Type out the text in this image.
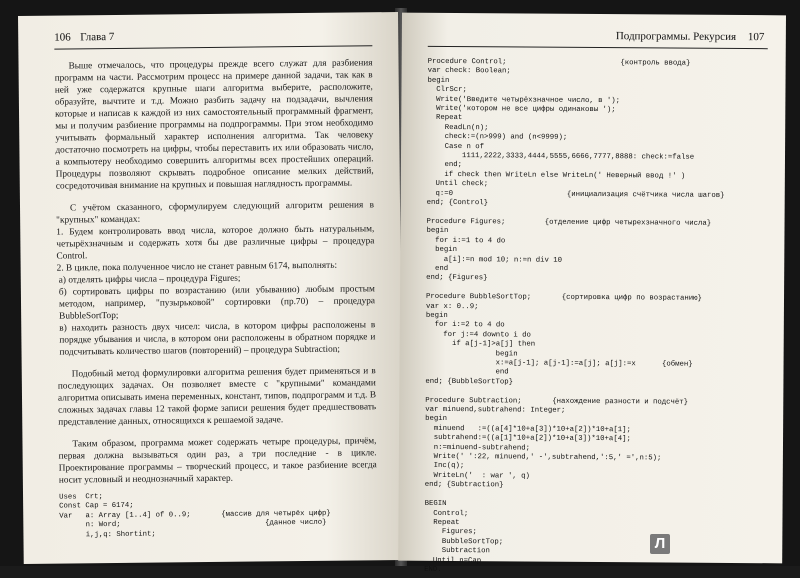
106 Глава 7

Выше отмечалось, что процедуры прежде всего служат для разбиения программ на части. Рассмотрим процесс на примере данной задачи, так как в ней уже содержатся крупные шаги алгоритма выберите, расположите, образуйте, вычтите и т.д. Можно разбить задачу на подзадачи, вычления которые и написав к каждой из них самостоятельный программный фрагмент, мы и получим разбиение программы на подпрограммы. При этом необходимо учитывать формальный характер исполнения алгоритма. Так человеку достаточно посмотреть на цифры, чтобы переставить их или образовать число, а компьютеру необходимо совершить алгоритмы всех простейших операций. Процедуры позволяют скрывать подробное описание мелких действий, сосредоточивая внимание на крупных и повышая наглядность программы.

С учётом сказанного, сформулируем следующий алгоритм решения в "крупных" командах:

1. Будем контролировать ввод числа, которое должно быть натуральным, четырёхзначным и содержать хотя бы две различные цифры – процедура Control.

2. В цикле, пока полученное число не станет равным 6174, выполнять:

а) отделять цифры числа – процедура Figures;

б) сортировать цифры по возрастанию (или убыванию) любым простым методом, например, "пузырьковой" сортировки (пр.70) – процедура BubbleSortTop;

в) находить разность двух чисел: числа, в котором цифры расположены в порядке убывания и числа, в котором они расположены в обратном порядке и подсчитывать количество шагов (повторений) – процедура Subtraction;

Подобный метод формулировки алгоритма решения будет применяться и в последующих задачах. Он позволяет вместе с "крупными" командами алгоритма описывать имена переменных, констант, типов, подпрограмм и т.д. В сложных задачах главы 12 такой форме записи решения будет предшествовать представление данных, относящихся к решаемой задаче.

Таким образом, программа может содержать четыре процедуры, причём, первая должна вызываться один раз, а три последние - в цикле. Проектирование программы – творческий процесс, и такое разбиение всегда носит условный и неоднозначный характер.

Uses  Crt;
Const Cap = 6174;
Var   a: Array [1..4] of 0..9;       {массив для четырёх цифр}
n: Word;                                 {данное число}
i,j,q: Shortint;
Подпрограммы. Рекурсия 107
Procedure Control;                          {контроль ввода}
var check: Boolean;
begin
ClrScr;
Write('Введите четырёхзначное число, в ');
Write('котором не все цифры одинаковы ');
Repeat
ReadLn(n);
check:=(n>999) and (n<9999);
Case n of
1111,2222,3333,4444,5555,6666,7777,8888: check:=false
end;
if check then WriteLn else WriteLn(' Неверный ввод !' )
Until check;
q:=0                          {инициализация счётчика числа шагов}
end; {Control}

Procedure Figures;         {отделение цифр четырехзначного числа}
begin
for i:=1 to 4 do
begin
a[i]:=n mod 10; n:=n div 10
end
end; {Figures}

Procedure BubbleSortTop;       {сортировка цифр по возрастанию}
var x: 0..9;
begin
for i:=2 to 4 do
for j:=4 downto i do
if a[j-1]>a[j] then
begin
x:=a[j-1]; a[j-1]:=a[j]; a[j]:=x      {обмен}
end
end; {BubbleSortTop}

Procedure Subtraction;       {нахождение разности и подсчёт}
var minuend,subtrahend: Integer;
begin
minuend   :=((a[4]*10+a[3])*10+a[2])*10+a[1];
subtrahend:=((a[1]*10+a[2])*10+a[3])*10+a[4];
n:=minuend-subtrahend;
Write(' ':22, minuend,' -',subtrahend,':5,' =',n:5);
Inc(q);
WriteLn('  : war ', q)
end; {Subtraction}

BEGIN
Control;
Repeat
Figures;
BubbleSortTop;
Subtraction
Until n=Cap
END.
Л
